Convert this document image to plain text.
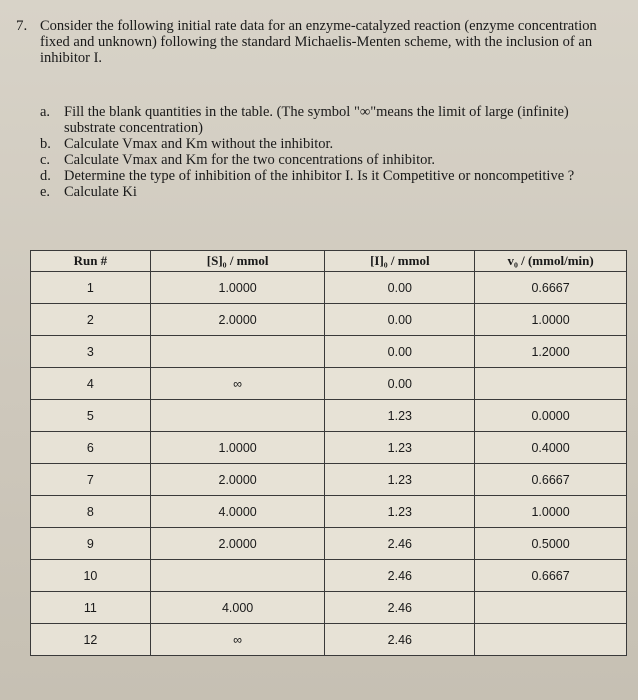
7. Consider the following initial rate data for an enzyme-catalyzed reaction (enzyme concentration fixed and unknown) following the standard Michaelis-Menten scheme, with the inclusion of an inhibitor I.
a. Fill the blank quantities in the table. (The symbol "∞"means the limit of large (infinite) substrate concentration)
b. Calculate Vmax and Km without the inhibitor.
c. Calculate Vmax and Km for the two concentrations of inhibitor.
d. Determine the type of inhibition of the inhibitor I. Is it Competitive or noncompetitive ?
e. Calculate Ki
Run #	[S]₀ / mmol	[I]₀ / mmol	v₀ / (mmol/min)
1	1.0000	0.00	0.6667
2	2.0000	0.00	1.0000
3		0.00	1.2000
4	∞	0.00	
5		1.23	0.0000
6	1.0000	1.23	0.4000
7	2.0000	1.23	0.6667
8	4.0000	1.23	1.0000
9	2.0000	2.46	0.5000
10		2.46	0.6667
11	4.000	2.46	
12	∞	2.46	
